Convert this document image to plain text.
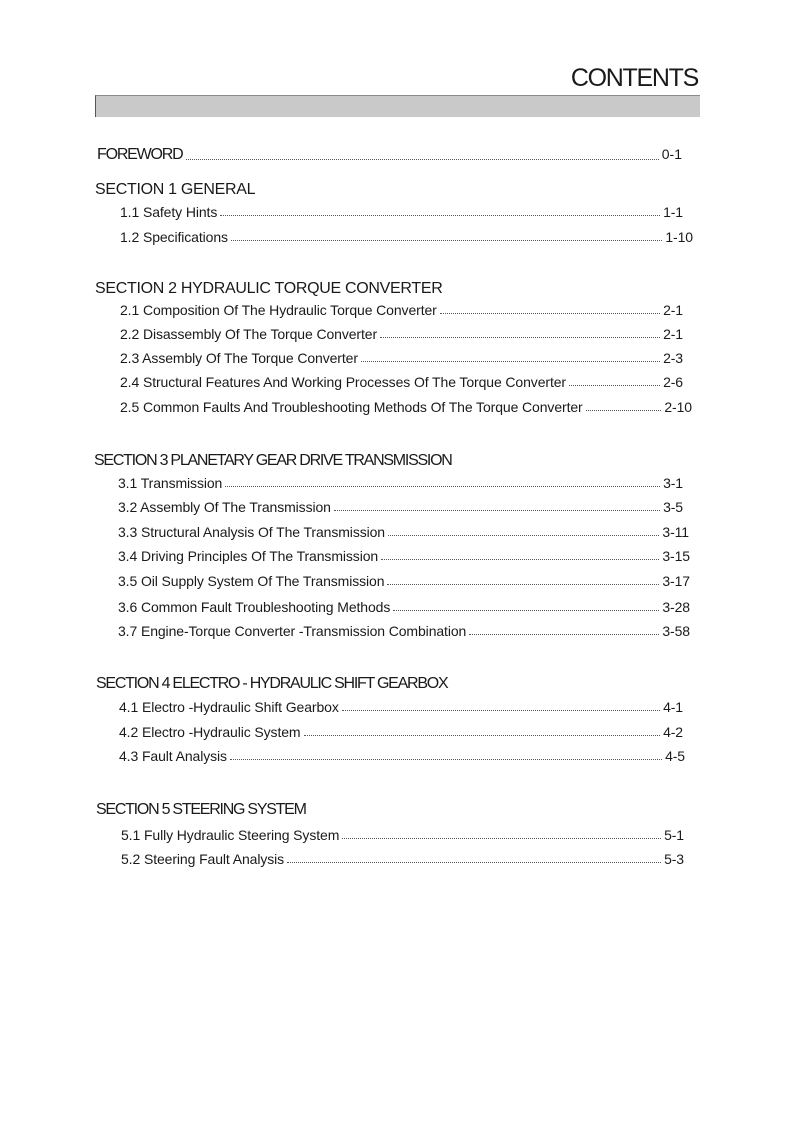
CONTENTS
FOREWORD	0-1
SECTION 1 GENERAL
1.1 Safety Hints	1-1
1.2 Specifications	1-10
SECTION 2 HYDRAULIC TORQUE CONVERTER
2.1 Composition Of The Hydraulic Torque Converter	2-1
2.2 Disassembly Of The Torque Converter	2-1
2.3 Assembly Of The Torque Converter	2-3
2.4 Structural Features And Working Processes Of The Torque Converter	2-6
2.5 Common Faults And Troubleshooting Methods Of The Torque Converter	2-10
SECTION 3 PLANETARY GEAR DRIVE TRANSMISSION
3.1 Transmission	3-1
3.2 Assembly Of The Transmission	3-5
3.3 Structural Analysis Of The Transmission	3-11
3.4 Driving Principles Of The Transmission	3-15
3.5 Oil Supply System Of The Transmission	3-17
3.6 Common Fault Troubleshooting Methods	3-28
3.7 Engine-Torque Converter -Transmission Combination	3-58
SECTION 4 ELECTRO - HYDRAULIC SHIFT GEARBOX
4.1 Electro -Hydraulic Shift Gearbox	4-1
4.2 Electro -Hydraulic System	4-2
4.3 Fault Analysis	4-5
SECTION 5 STEERING SYSTEM
5.1 Fully Hydraulic Steering System	5-1
5.2 Steering Fault Analysis	5-3
